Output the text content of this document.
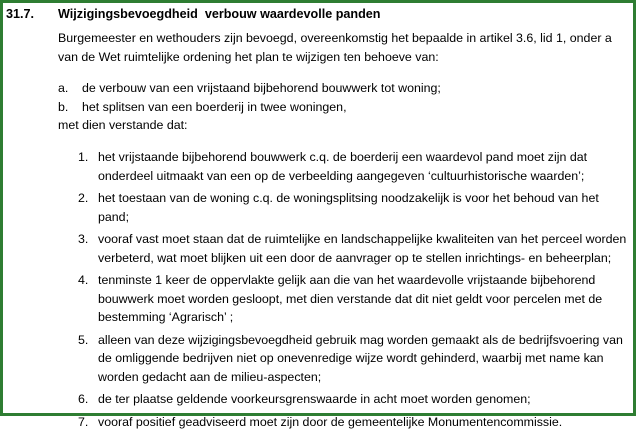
31.7. Wijzigingsbevoegdheid  verbouw waardevolle panden
Burgemeester en wethouders zijn bevoegd, overeenkomstig het bepaalde in artikel 3.6, lid 1, onder a
van de Wet ruimtelijke ordening het plan te wijzigen ten behoeve van:
a. de verbouw van een vrijstaand bijbehorend bouwwerk tot woning;
b. het splitsen van een boerderij in twee woningen,
met dien verstande dat:
1. het vrijstaande bijbehorend bouwwerk c.q. de boerderij een waardevol pand moet zijn dat
onderdeel uitmaakt van een op de verbeelding aangegeven ‘cultuurhistorische waarden’;
2. het toestaan van de woning c.q. de woningsplitsing noodzakelijk is voor het behoud van het
pand;
3. vooraf vast moet staan dat de ruimtelijke en landschappelijke kwaliteiten van het perceel worden
verbeterd, wat moet blijken uit een door de aanvrager op te stellen inrichtings- en beheerplan;
4. tenminste 1 keer de oppervlakte gelijk aan die van het waardevolle vrijstaande bijbehorend
bouwwerk moet worden gesloopt, met dien verstande dat dit niet geldt voor percelen met de
bestemming ‘Agrarisch’ ;
5. alleen van deze wijzigingsbevoegdheid gebruik mag worden gemaakt als de bedrijfsvoering van
de omliggende bedrijven niet op onevenredige wijze wordt gehinderd, waarbij met name kan
worden gedacht aan de milieu-aspecten;
6. de ter plaatse geldende voorkeursgrenswaarde in acht moet worden genomen;
7. vooraf positief geadviseerd moet zijn door de gemeentelijke Monumentencommissie.
